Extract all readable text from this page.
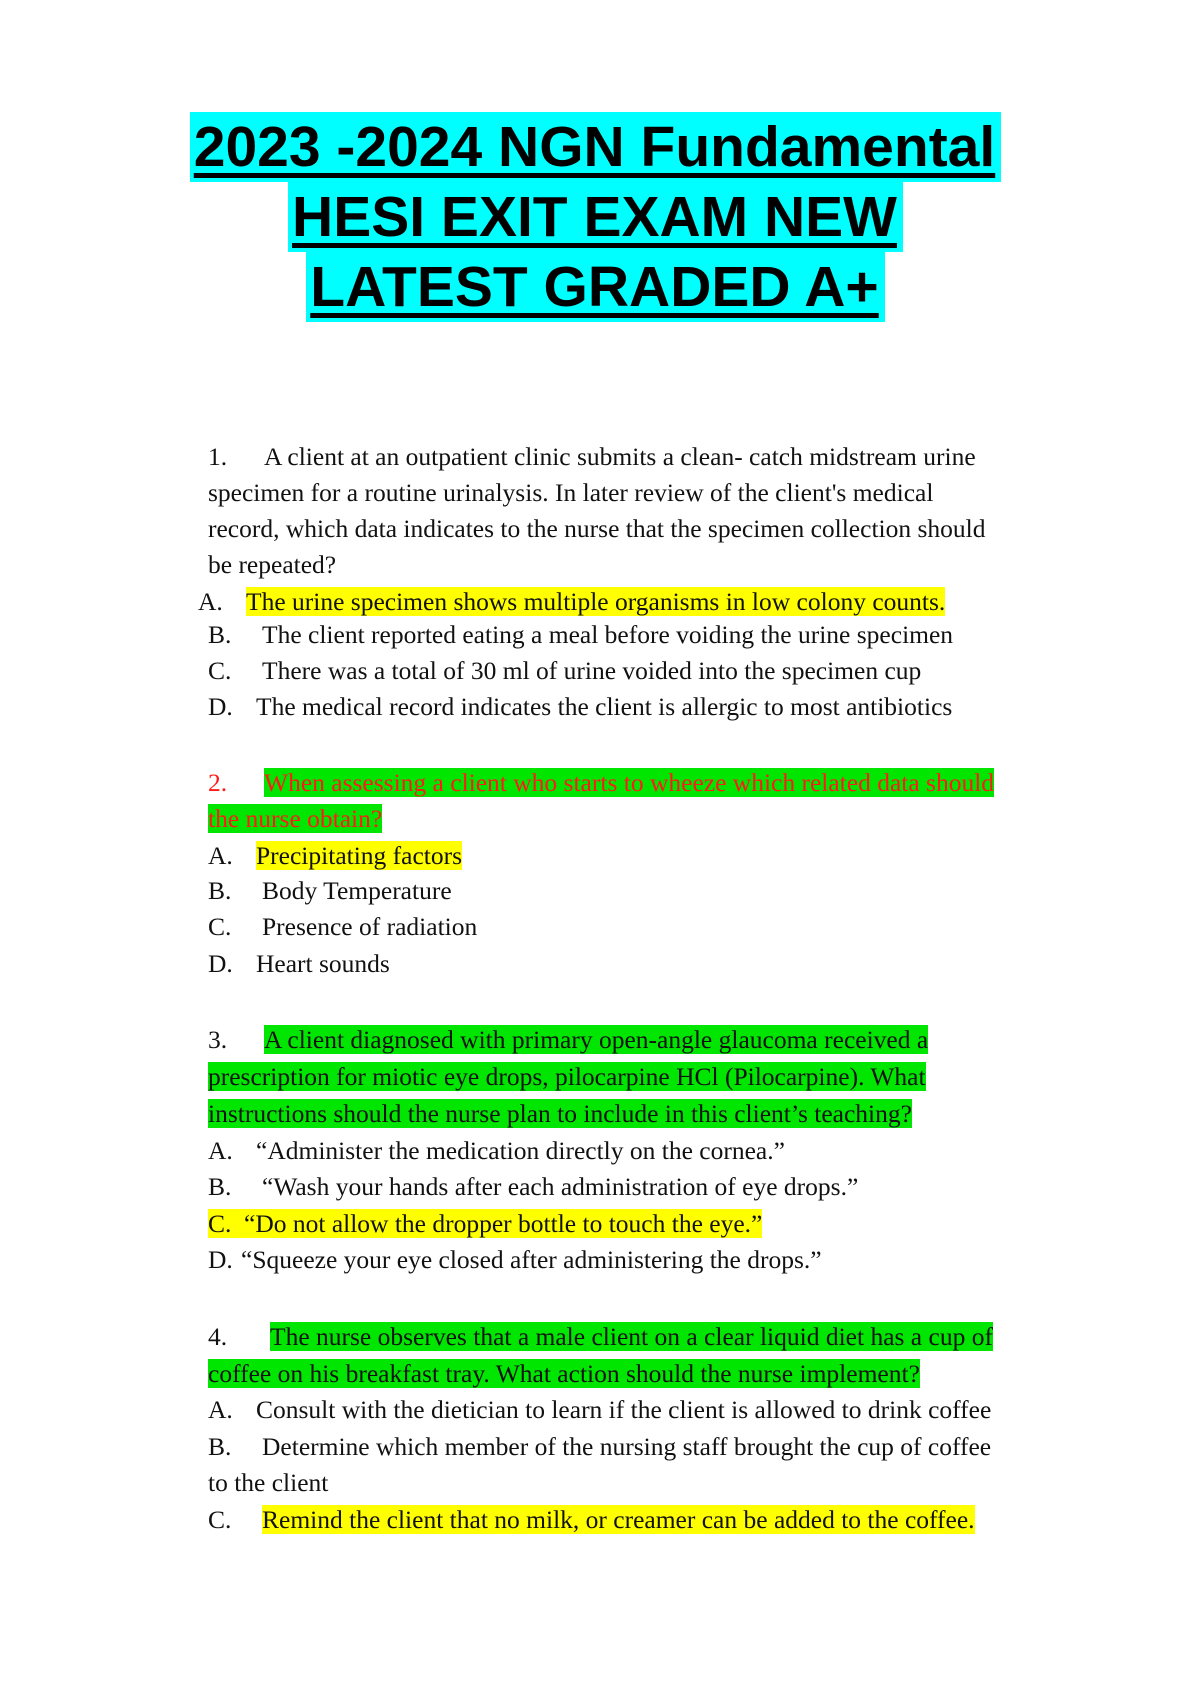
2023 -2024 NGN Fundamental
HESI EXIT EXAM NEW
LATEST GRADED A+
1. A client at an outpatient clinic submits a clean- catch midstream urine
specimen for a routine urinalysis. In later review of the client's medical
record, which data indicates to the nurse that the specimen collection should
be repeated?
A. The urine specimen shows multiple organisms in low colony counts.
B. The client reported eating a meal before voiding the urine specimen
C. There was a total of 30 ml of urine voided into the specimen cup
D. The medical record indicates the client is allergic to most antibiotics
2. When assessing a client who starts to wheeze which related data should
the nurse obtain?
A. Precipitating factors
B. Body Temperature
C. Presence of radiation
D. Heart sounds
3. A client diagnosed with primary open-angle glaucoma received a
prescription for miotic eye drops, pilocarpine HCl (Pilocarpine). What
instructions should the nurse plan to include in this client’s teaching?
A. “Administer the medication directly on the cornea.”
B. “Wash your hands after each administration of eye drops.”
C. “Do not allow the dropper bottle to touch the eye.”
D. “Squeeze your eye closed after administering the drops.”
4. The nurse observes that a male client on a clear liquid diet has a cup of
coffee on his breakfast tray. What action should the nurse implement?
A. Consult with the dietician to learn if the client is allowed to drink coffee
B. Determine which member of the nursing staff brought the cup of coffee
to the client
C. Remind the client that no milk, or creamer can be added to the coffee.
